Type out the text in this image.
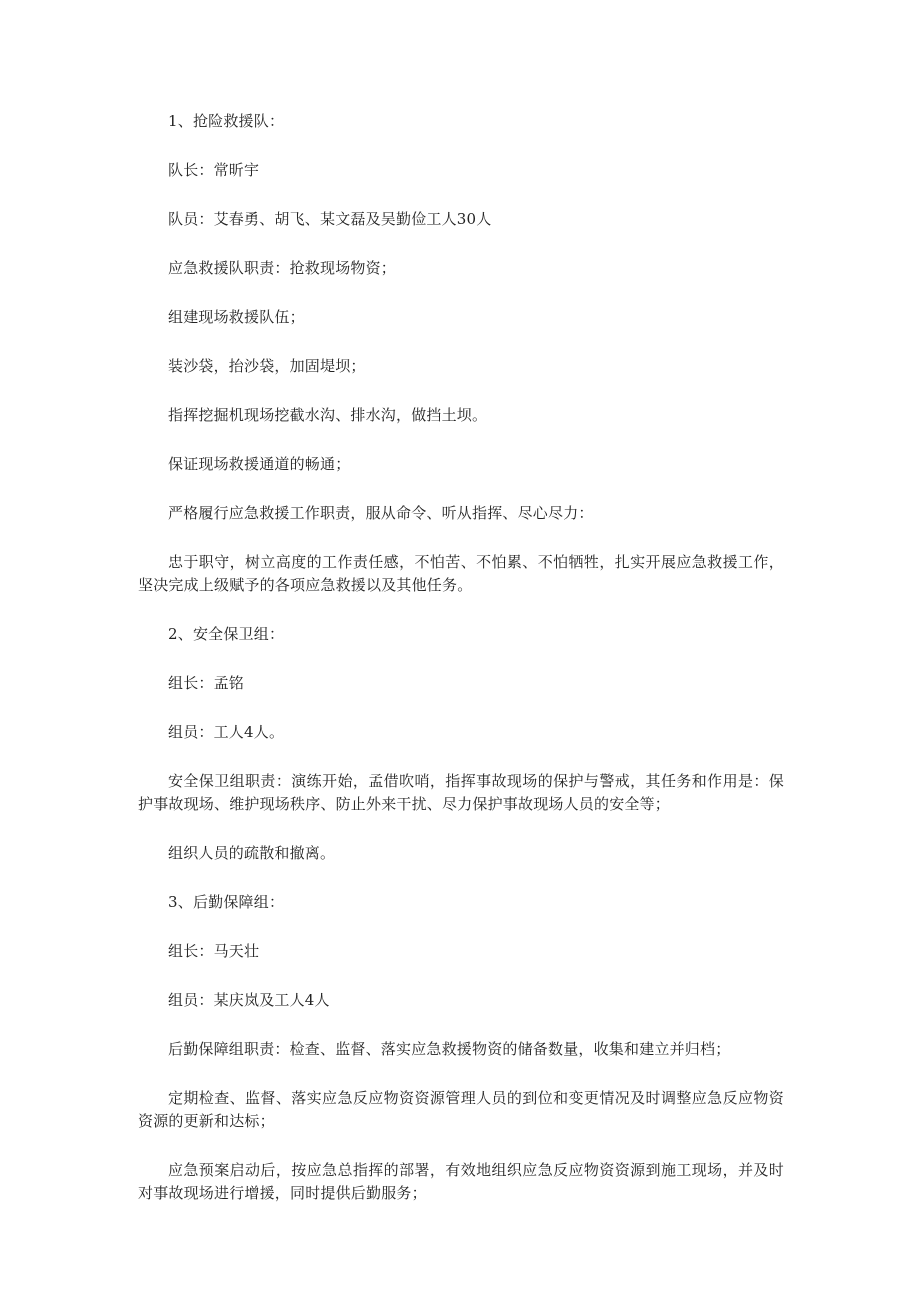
1、抢险救援队：

队长：常昕宇

队员：艾春勇、胡飞、某文磊及吴勤俭工人30人

应急救援队职责：抢救现场物资；

组建现场救援队伍；

装沙袋，抬沙袋，加固堤坝；

指挥挖掘机现场挖截水沟、排水沟，做挡土坝。

保证现场救援通道的畅通；

严格履行应急救援工作职责，服从命令、听从指挥、尽心尽力：

忠于职守，树立高度的工作责任感，不怕苦、不怕累、不怕牺牲，扎实开展应急救援工作，坚决完成上级赋予的各项应急救援以及其他任务。

2、安全保卫组：

组长：孟铭

组员：工人4人。

安全保卫组职责：演练开始，孟借吹哨，指挥事故现场的保护与警戒，其任务和作用是：保护事故现场、维护现场秩序、防止外来干扰、尽力保护事故现场人员的安全等；

组织人员的疏散和撤离。

3、后勤保障组：

组长：马天壮

组员：某庆岚及工人4人

后勤保障组职责：检查、监督、落实应急救援物资的储备数量，收集和建立并归档；

定期检查、监督、落实应急反应物资资源管理人员的到位和变更情况及时调整应急反应物资资源的更新和达标；

应急预案启动后，按应急总指挥的部署，有效地组织应急反应物资资源到施工现场，并及时对事故现场进行增援，同时提供后勤服务；
